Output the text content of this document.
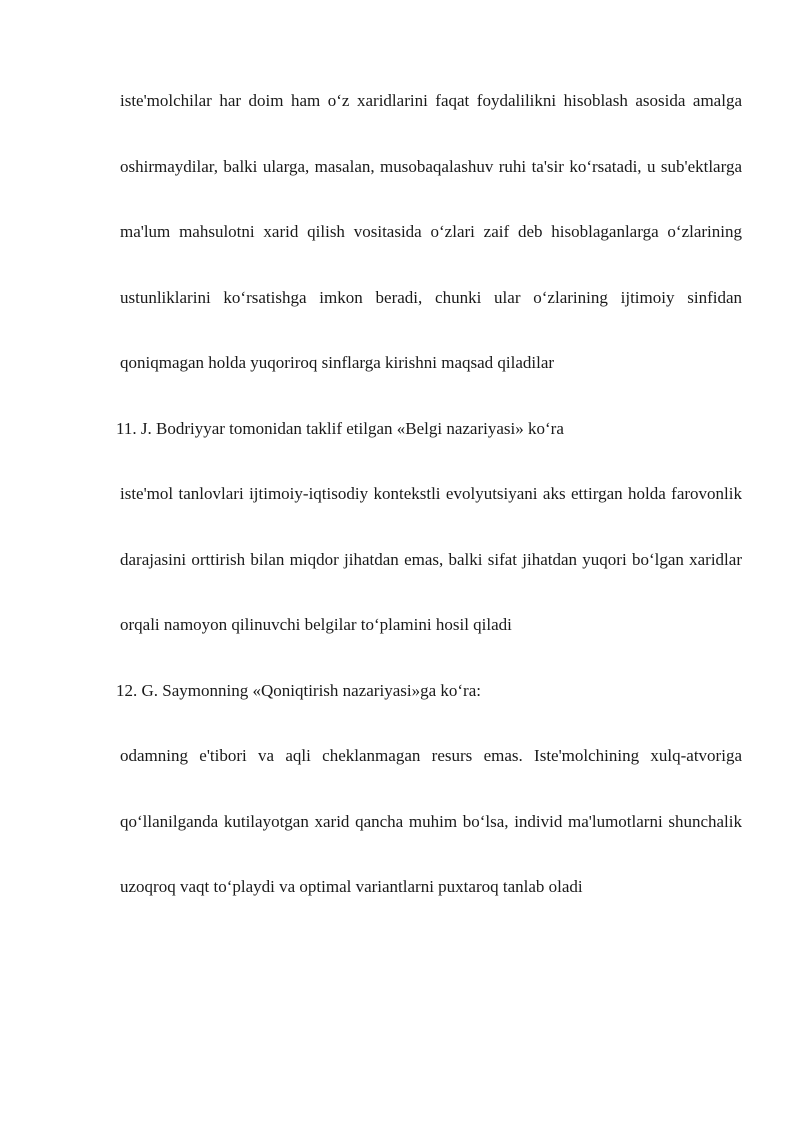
iste'molchilar har doim ham o‘z xaridlarini faqat foydalilikni hisoblash asosida amalga oshirmaydilar, balki ularga, masalan, musobaqalashuv ruhi ta'sir ko‘rsatadi, u sub'ektlarga ma'lum mahsulotni xarid qilish vositasida o‘zlari zaif deb hisoblaganlarga o‘zlarining ustunliklarini ko‘rsatishga imkon beradi, chunki ular o‘zlarining ijtimoiy sinfidan qoniqmagan holda yuqoriroq sinflarga kirishni maqsad qiladilar

11. J. Bodriyyar tomonidan taklif etilgan «Belgi nazariyasi» ko‘ra

iste'mol tanlovlari ijtimoiy-iqtisodiy kontekstli evolyutsiyani aks ettirgan holda farovonlik darajasini orttirish bilan miqdor jihatdan emas, balki sifat jihatdan yuqori bo‘lgan xaridlar orqali namoyon qilinuvchi belgilar to‘plamini hosil qiladi

12. G. Saymonning «Qoniqtirish nazariyasi»ga ko‘ra:

odamning e'tibori va aqli cheklanmagan resurs emas. Iste'molchining xulq-atvoriga qo‘llanilganda kutilayotgan xarid qancha muhim bo‘lsa, individ ma'lumotlarni shunchalik uzoqroq vaqt to‘playdi va optimal variantlarni puxtaroq tanlab oladi
